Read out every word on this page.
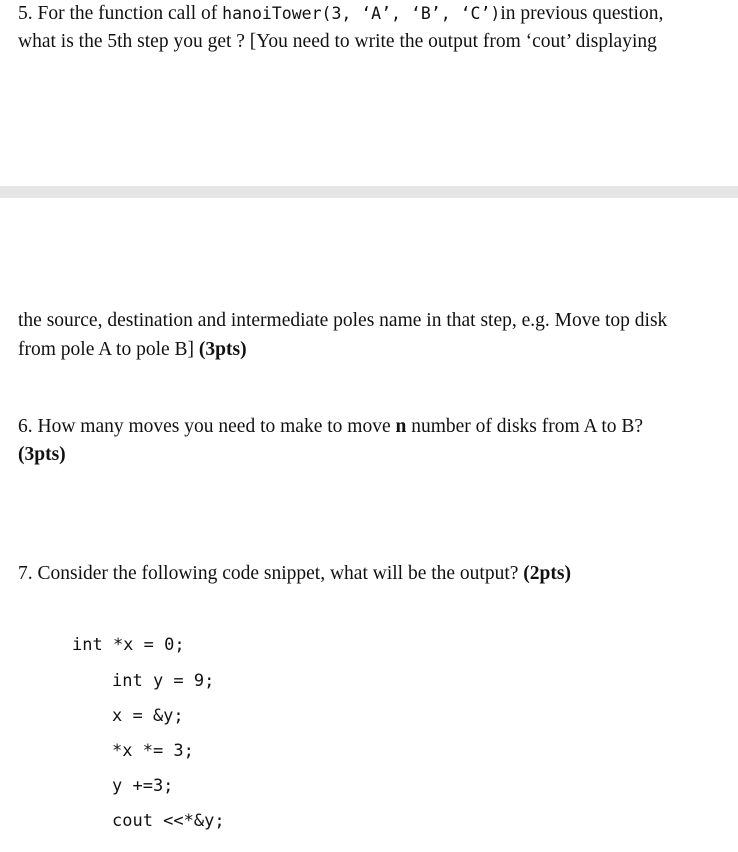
5. For the function call of hanoiTower(3, ‘A’, ‘B’, ‘C’)in previous question,
what is the 5th step you get ? [You need to write the output from ‘cout’ displaying
the source, destination and intermediate poles name in that step, e.g. Move top disk
from pole A to pole B] (3pts)
6. How many moves you need to make to move n number of disks from A to B?
(3pts)
7. Consider the following code snippet, what will be the output? (2pts)
int *x = 0;
int y = 9;
x = &y;
*x *= 3;
y +=3;
cout <<*&y;
